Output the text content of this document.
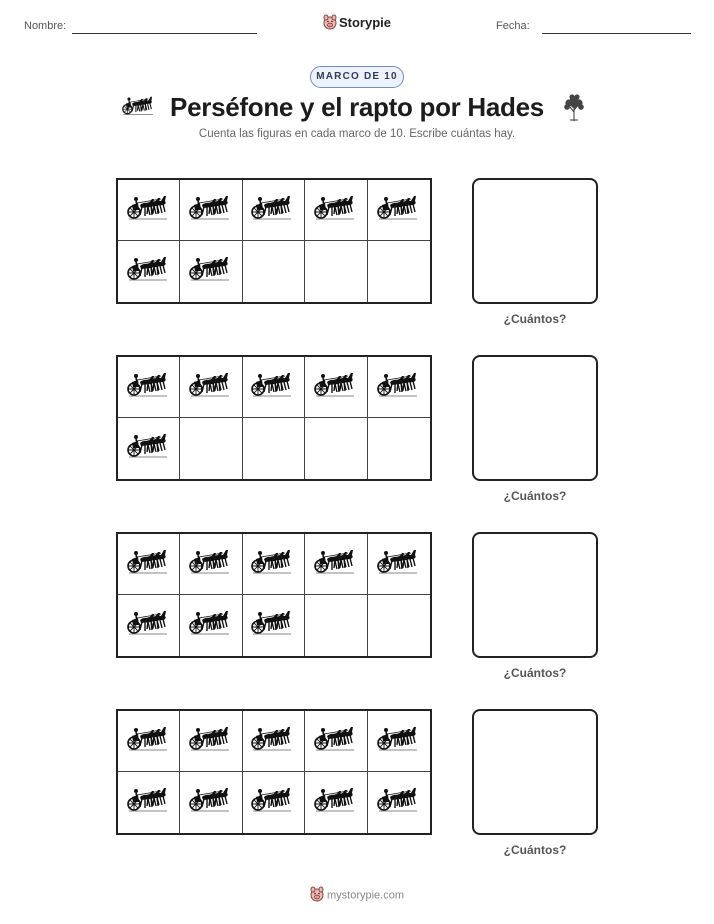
Nombre:	Storypie	Fecha:
MARCO DE 10
Perséfone y el rapto por Hades
Cuenta las figuras en cada marco de 10. Escribe cuántas hay.
¿Cuántos?
¿Cuántos?
¿Cuántos?
¿Cuántos?
mystorypie.com
